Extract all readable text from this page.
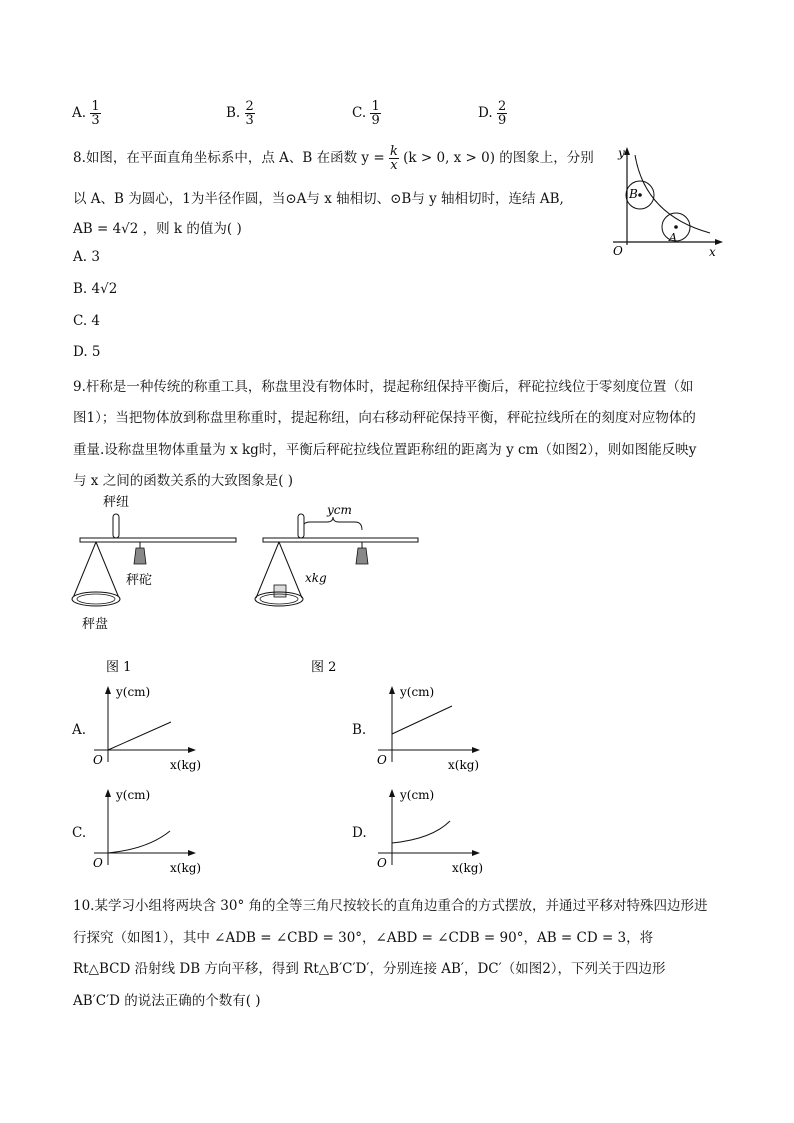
A. $\frac{1}{3}$	B. $\frac{2}{3}$	C. $\frac{1}{9}$	D. $\frac{2}{9}$
8.如图，在平面直角坐标系中，点 A、B 在函数 $y = \frac{k}{x} (k > 0$, x > 0) 的图象上，分别
以 A、B 为圆心，1为半径作圆，当⊙A与 x 轴相切、⊙B与 y 轴相切时，连结 AB,
AB = 4√2 ，则 k 的值为( )
A. 3
B. 4√2
C. 4
D. 5
y
x
O
B
A
9.杆称是一种传统的称重工具，称盘里没有物体时，提起称纽保持平衡后，秤砣拉线位于零刻度位置（如
图1）；当把物体放到称盘里称重时，提起称纽，向右移动秤砣保持平衡，秤砣拉线所在的刻度对应物体的
重量.设称盘里物体重量为 x kg时，平衡后秤砣拉线位置距称纽的距离为 y cm（如图2），则如图能反映y
与 x 之间的函数关系的大致图象是( )
秤纽
秤砣
秤盘
图 1
ycm
xkg
图 2
A.
y(cm)
x(kg)
O
B.
y(cm)
x(kg)
O
C.
y(cm)
x(kg)
O
D.
y(cm)
x(kg)
O
10.某学习小组将两块含 30° 角的全等三角尺按较长的直角边重合的方式摆放，并通过平移对特殊四边形进
行探究（如图1），其中 ∠ADB = ∠CBD = 30°，∠ABD = ∠CDB = 90°，AB = CD = 3，将
Rt△BCD 沿射线 DB 方向平移，得到 Rt△B′C′D′，分别连接 AB′，DC′（如图2），下列关于四边形
AB′C′D 的说法正确的个数有( )
